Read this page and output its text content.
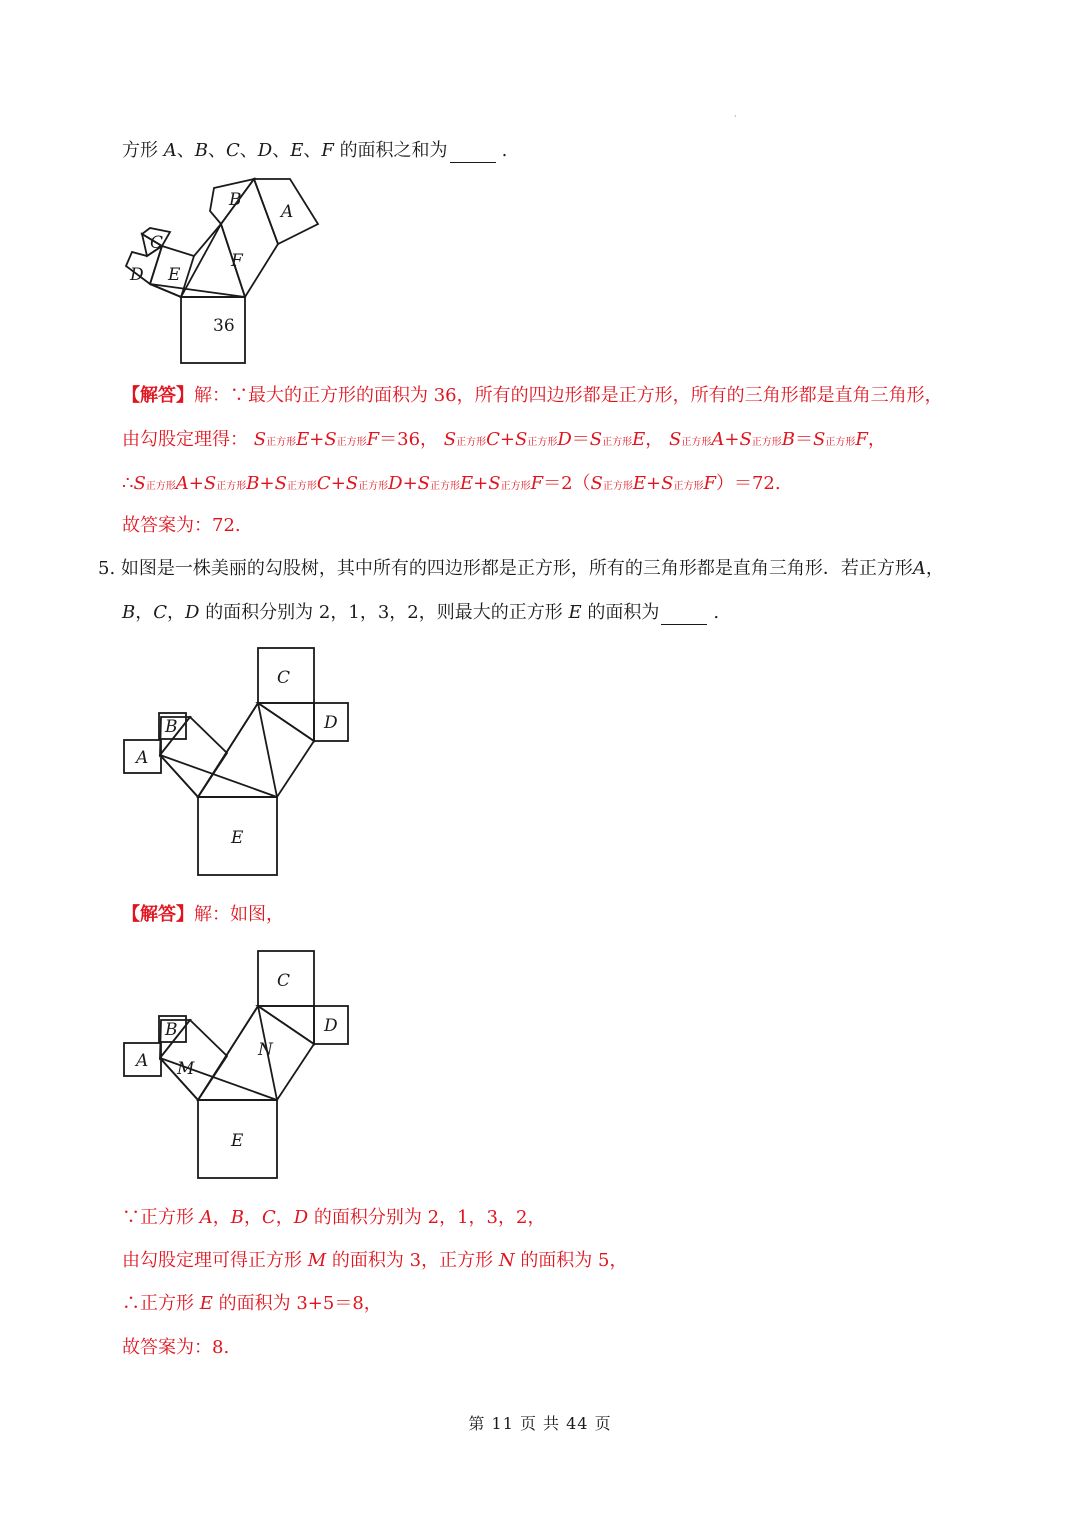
·
方形 A、B、C、D、E、F 的面积之和为	.
36
B
A
F
E
C
D
【解答】解：∵最大的正方形的面积为 36，所有的四边形都是正方形，所有的三角形都是直角三角形，
由勾股定理得： S正方形E+S正方形F＝36， S正方形C+S正方形D＝S正方形E， S正方形A+S正方形B＝S正方形F，
∴S正方形A+S正方形B+S正方形C+S正方形D+S正方形E+S正方形F＝2（S正方形E+S正方形F）＝72.
故答案为：72.
5. 如图是一株美丽的勾股树，其中所有的四边形都是正方形，所有的三角形都是直角三角形．若正方形A，
B，C，D 的面积分别为 2，1，3，2，则最大的正方形 E 的面积为	.
C
D
B
A
E
【解答】解：如图，
C
D
B
A
E
M
N
∵正方形 A，B，C，D 的面积分别为 2，1，3，2，
由勾股定理可得正方形 M 的面积为 3，正方形 N 的面积为 5，
∴正方形 E 的面积为 3+5＝8，
故答案为：8.
第 11 页 共 44 页
